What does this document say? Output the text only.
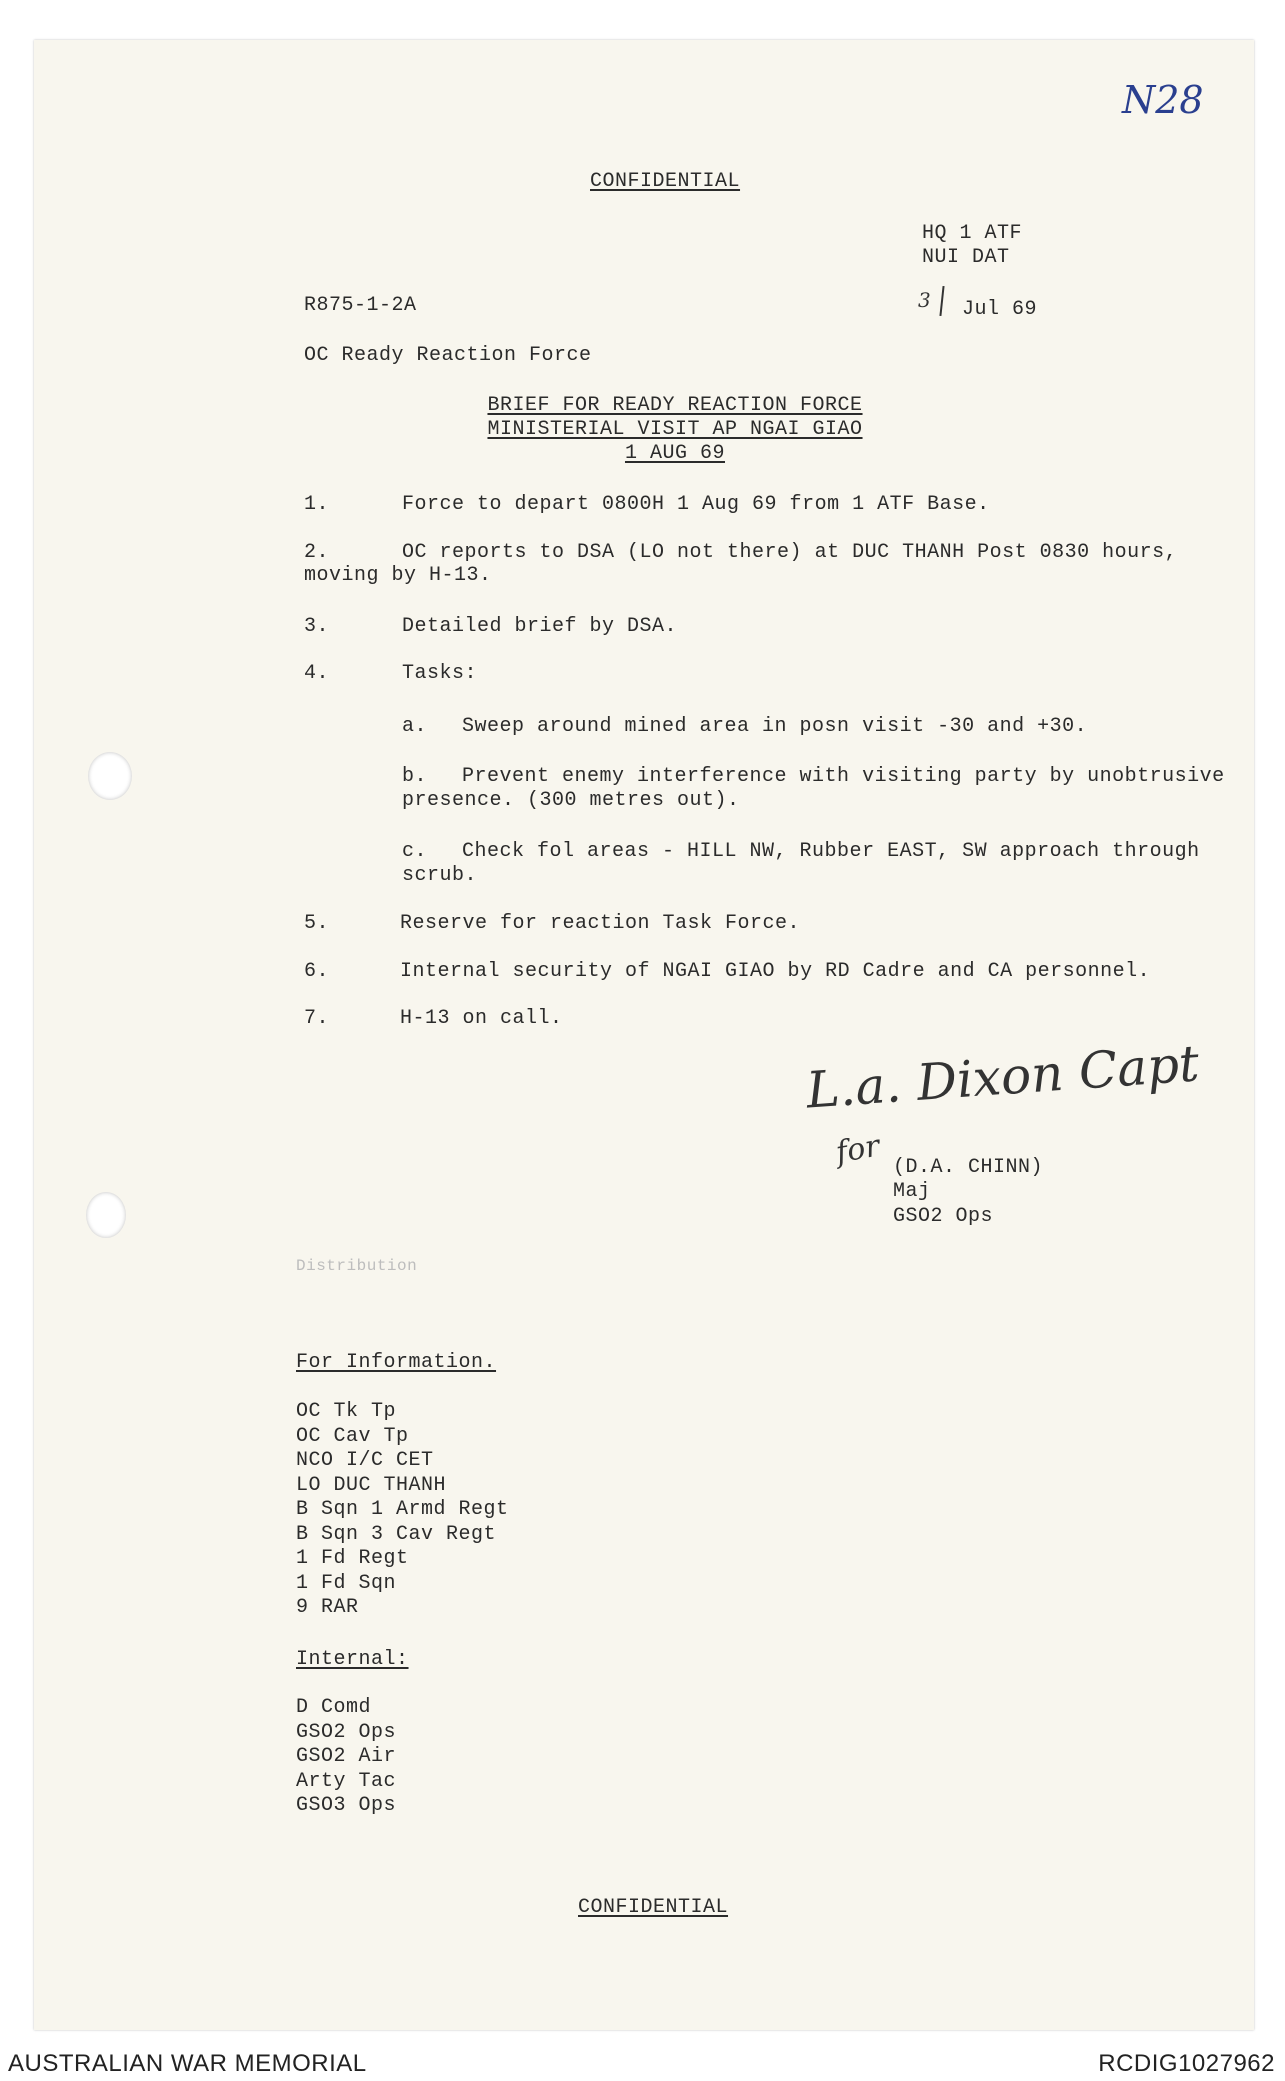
N28
CONFIDENTIAL
HQ 1 ATF
NUI DAT
R875-1-2A	3 Jul 69
OC Ready Reaction Force
BRIEF FOR READY REACTION FORCE
MINISTERIAL VISIT AP NGAI GIAO
1 AUG 69
1.	Force to depart 0800H 1 Aug 69 from 1 ATF Base.
2.	OC reports to DSA (LO not there) at DUC THANH Post 0830 hours,
moving by H-13.
3.	Detailed brief by DSA.
4.	Tasks:
a. Sweep around mined area in posn visit -30 and +30.
b. Prevent enemy interference with visiting party by unobtrusive
presence. (300 metres out).
c. Check fol areas - HILL NW, Rubber EAST, SW approach through
scrub.
5.	Reserve for reaction Task Force.
6.	Internal security of NGAI GIAO by RD Cadre and CA personnel.
7.	H-13 on call.
L.a. Dixon Capt
for (D.A. CHINN)
Maj
GSO2 Ops
Distribution
For Information.
OC Tk Tp
OC Cav Tp
NCO I/C CET
LO DUC THANH
B Sqn 1 Armd Regt
B Sqn 3 Cav Regt
1 Fd Regt
1 Fd Sqn
9 RAR
Internal:
D Comd
GSO2 Ops
GSO2 Air
Arty Tac
GSO3 Ops
CONFIDENTIAL
AUSTRALIAN WAR MEMORIAL	RCDIG1027962
